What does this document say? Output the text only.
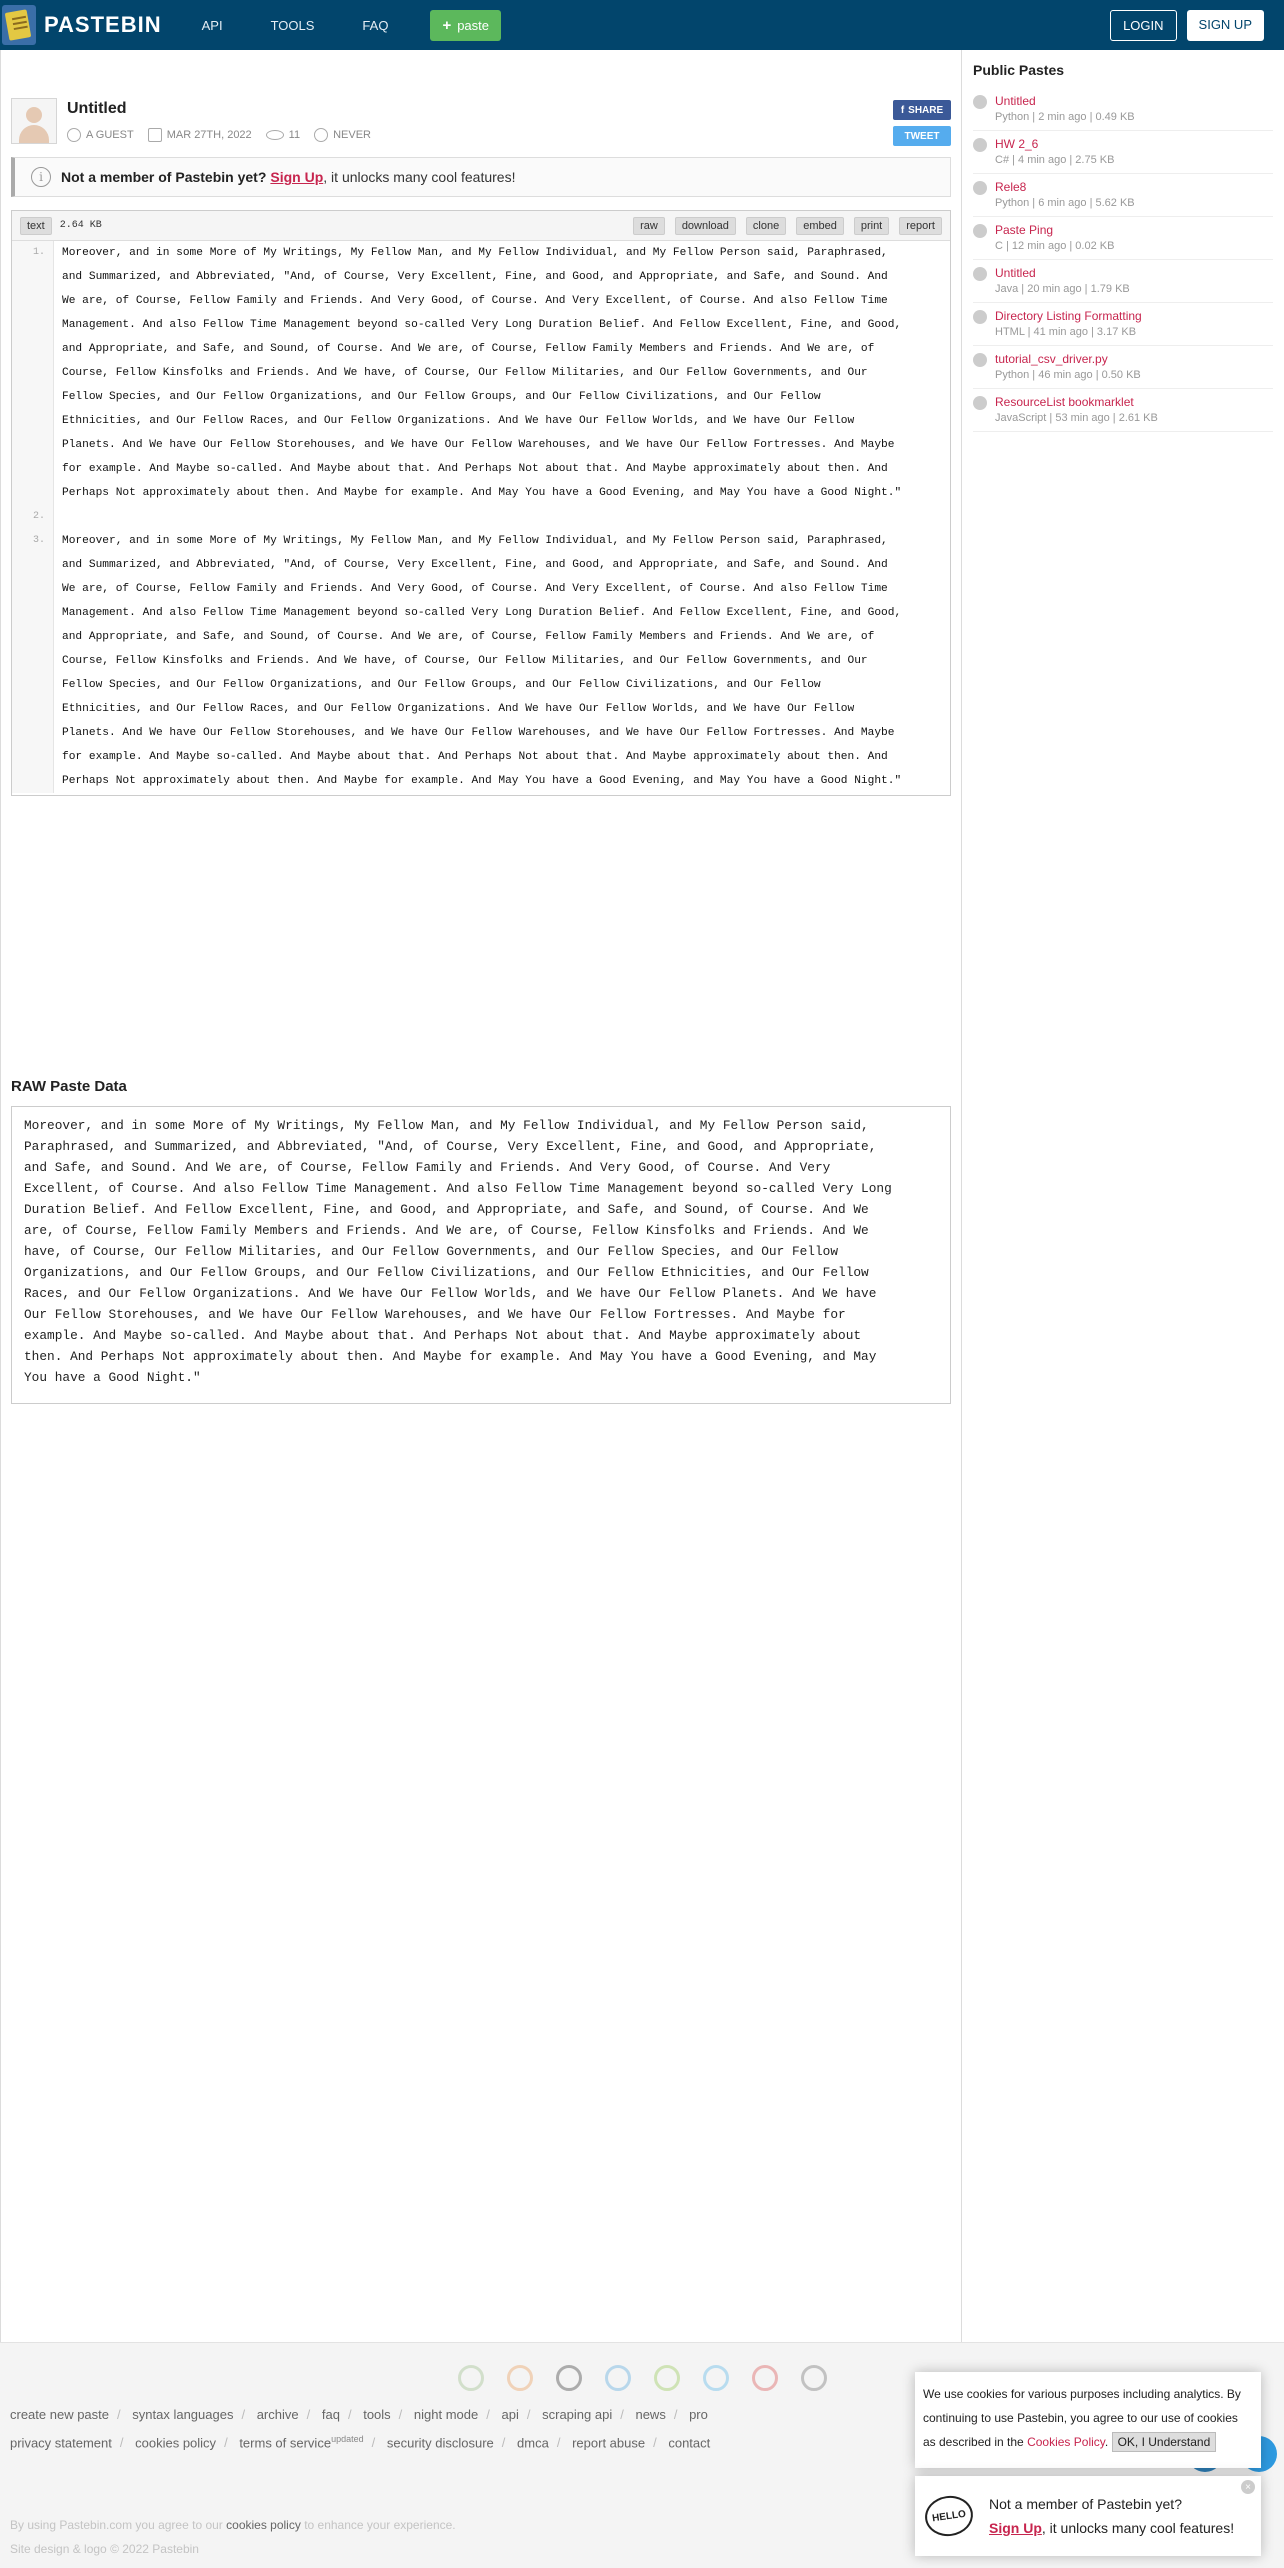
PASTEBIN	API	TOOLS	FAQ	+ paste	LOGIN	SIGN UP
Untitled
A GUEST	MAR 27TH, 2022	11	NEVER
f SHARE
TWEET
i	Not a member of Pastebin yet? Sign Up , it unlocks many cool features!
text	2.64 KB	raw	download	clone	embed	print	report
1.	Moreover, and in some More of My Writings, My Fellow Man, and My Fellow Individual, and My Fellow Person said, Paraphrased,
and Summarized, and Abbreviated, "And, of Course, Very Excellent, Fine, and Good, and Appropriate, and Safe, and Sound. And
We are, of Course, Fellow Family and Friends. And Very Good, of Course. And Very Excellent, of Course. And also Fellow Time
Management. And also Fellow Time Management beyond so-called Very Long Duration Belief. And Fellow Excellent, Fine, and Good,
and Appropriate, and Safe, and Sound, of Course. And We are, of Course, Fellow Family Members and Friends. And We are, of
Course, Fellow Kinsfolks and Friends. And We have, of Course, Our Fellow Militaries, and Our Fellow Governments, and Our
Fellow Species, and Our Fellow Organizations, and Our Fellow Groups, and Our Fellow Civilizations, and Our Fellow
Ethnicities, and Our Fellow Races, and Our Fellow Organizations. And We have Our Fellow Worlds, and We have Our Fellow
Planets. And We have Our Fellow Storehouses, and We have Our Fellow Warehouses, and We have Our Fellow Fortresses. And Maybe
for example. And Maybe so-called. And Maybe about that. And Perhaps Not about that. And Maybe approximately about then. And
Perhaps Not approximately about then. And Maybe for example. And May You have a Good Evening, and May You have a Good Night."
2.
3.	Moreover, and in some More of My Writings, My Fellow Man, and My Fellow Individual, and My Fellow Person said, Paraphrased,
and Summarized, and Abbreviated, "And, of Course, Very Excellent, Fine, and Good, and Appropriate, and Safe, and Sound. And
We are, of Course, Fellow Family and Friends. And Very Good, of Course. And Very Excellent, of Course. And also Fellow Time
Management. And also Fellow Time Management beyond so-called Very Long Duration Belief. And Fellow Excellent, Fine, and Good,
and Appropriate, and Safe, and Sound, of Course. And We are, of Course, Fellow Family Members and Friends. And We are, of
Course, Fellow Kinsfolks and Friends. And We have, of Course, Our Fellow Militaries, and Our Fellow Governments, and Our
Fellow Species, and Our Fellow Organizations, and Our Fellow Groups, and Our Fellow Civilizations, and Our Fellow
Ethnicities, and Our Fellow Races, and Our Fellow Organizations. And We have Our Fellow Worlds, and We have Our Fellow
Planets. And We have Our Fellow Storehouses, and We have Our Fellow Warehouses, and We have Our Fellow Fortresses. And Maybe
for example. And Maybe so-called. And Maybe about that. And Perhaps Not about that. And Maybe approximately about then. And
Perhaps Not approximately about then. And Maybe for example. And May You have a Good Evening, and May You have a Good Night."
RAW Paste Data
Moreover, and in some More of My Writings, My Fellow Man, and My Fellow Individual, and My Fellow Person said,
Paraphrased, and Summarized, and Abbreviated, "And, of Course, Very Excellent, Fine, and Good, and Appropriate,
and Safe, and Sound. And We are, of Course, Fellow Family and Friends. And Very Good, of Course. And Very
Excellent, of Course. And also Fellow Time Management. And also Fellow Time Management beyond so-called Very Long
Duration Belief. And Fellow Excellent, Fine, and Good, and Appropriate, and Safe, and Sound, of Course. And We
are, of Course, Fellow Family Members and Friends. And We are, of Course, Fellow Kinsfolks and Friends. And We
have, of Course, Our Fellow Militaries, and Our Fellow Governments, and Our Fellow Species, and Our Fellow
Organizations, and Our Fellow Groups, and Our Fellow Civilizations, and Our Fellow Ethnicities, and Our Fellow
Races, and Our Fellow Organizations. And We have Our Fellow Worlds, and We have Our Fellow Planets. And We have
Our Fellow Storehouses, and We have Our Fellow Warehouses, and We have Our Fellow Fortresses. And Maybe for
example. And Maybe so-called. And Maybe about that. And Perhaps Not about that. And Maybe approximately about
then. And Perhaps Not approximately about then. And Maybe for example. And May You have a Good Evening, and May
You have a Good Night."
Public Pastes
Untitled
Python | 2 min ago | 0.49 KB
HW 2_6
C# | 4 min ago | 2.75 KB
Rele8
Python | 6 min ago | 5.62 KB
Paste Ping
C | 12 min ago | 0.02 KB
Untitled
Java | 20 min ago | 1.79 KB
Directory Listing Formatting
HTML | 41 min ago | 3.17 KB
tutorial_csv_driver.py
Python | 46 min ago | 0.50 KB
ResourceList bookmarklet
JavaScript | 53 min ago | 2.61 KB
create new paste / syntax languages / archive / faq / tools / night mode / api / scraping api / news / pro
privacy statement / cookies policy / terms of service$^{updated}$ / security disclosure / dmca / report abuse / contact
By using Pastebin.com you agree to our cookies policy to enhance your experience.
Site design & logo © 2022 Pastebin
We use cookies for various purposes including analytics. By
continuing to use Pastebin, you agree to our use of cookies
as described in the Cookies Policy. OK, I Understand
HELLO
Not a member of Pastebin yet?
Sign Up, it unlocks many cool features!
×
